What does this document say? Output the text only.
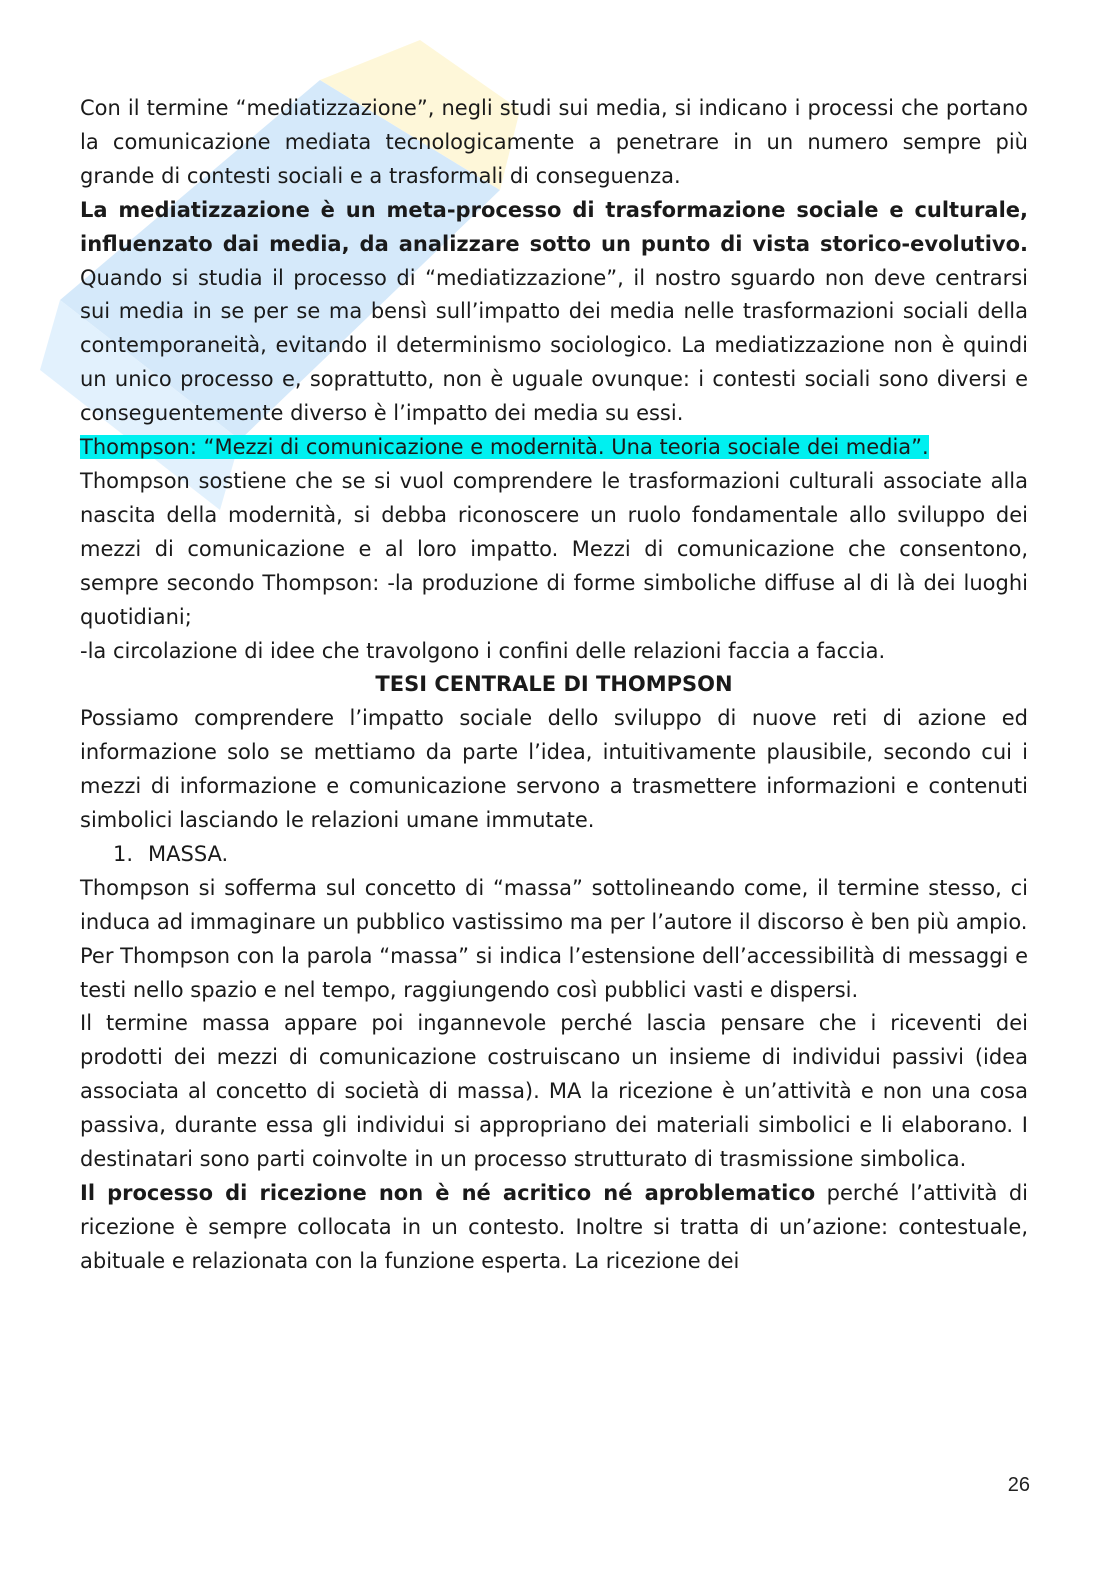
Con il termine “mediatizzazione”, negli studi sui media, si indicano i processi che portano la comunicazione mediata tecnologicamente a penetrare in un numero sempre più grande di contesti sociali e a trasformali di conseguenza.

La mediatizzazione è un meta-processo di trasformazione sociale e culturale, influenzato dai media, da analizzare sotto un punto di vista storico-evolutivo. Quando si studia il processo di “mediatizzazione”, il nostro sguardo non deve centrarsi sui media in se per se ma bensì sull’impatto dei media nelle trasformazioni sociali della contemporaneità, evitando il determinismo sociologico. La mediatizzazione non è quindi un unico processo e, soprattutto, non è uguale ovunque: i contesti sociali sono diversi e conseguentemente diverso è l’impatto dei media su essi.

Thompson: “Mezzi di comunicazione e modernità. Una teoria sociale dei media”.

Thompson sostiene che se si vuol comprendere le trasformazioni culturali associate alla nascita della modernità, si debba riconoscere un ruolo fondamentale allo sviluppo dei mezzi di comunicazione e al loro impatto. Mezzi di comunicazione che consentono, sempre secondo Thompson: -la produzione di forme simboliche diffuse al di là dei luoghi quotidiani;

-la circolazione di idee che travolgono i confini delle relazioni faccia a faccia.

TESI CENTRALE DI THOMPSON

Possiamo comprendere l’impatto sociale dello sviluppo di nuove reti di azione ed informazione solo se mettiamo da parte l’idea, intuitivamente plausibile, secondo cui i mezzi di informazione e comunicazione servono a trasmettere informazioni e contenuti simbolici lasciando le relazioni umane immutate.

1. MASSA.

Thompson si sofferma sul concetto di “massa” sottolineando come, il termine stesso, ci induca ad immaginare un pubblico vastissimo ma per l’autore il discorso è ben più ampio.

Per Thompson con la parola “massa” si indica l’estensione dell’accessibilità di messaggi e testi nello spazio e nel tempo, raggiungendo così pubblici vasti e dispersi.

Il termine massa appare poi ingannevole perché lascia pensare che i riceventi dei prodotti dei mezzi di comunicazione costruiscano un insieme di individui passivi (idea associata al concetto di società di massa). MA la ricezione è un’attività e non una cosa passiva, durante essa gli individui si appropriano dei materiali simbolici e li elaborano. I destinatari sono parti coinvolte in un processo strutturato di trasmissione simbolica.

Il processo di ricezione non è né acritico né aproblematico perché l’attività di ricezione è sempre collocata in un contesto. Inoltre si tratta di un’azione: contestuale, abituale e relazionata con la funzione esperta. La ricezione dei

26
